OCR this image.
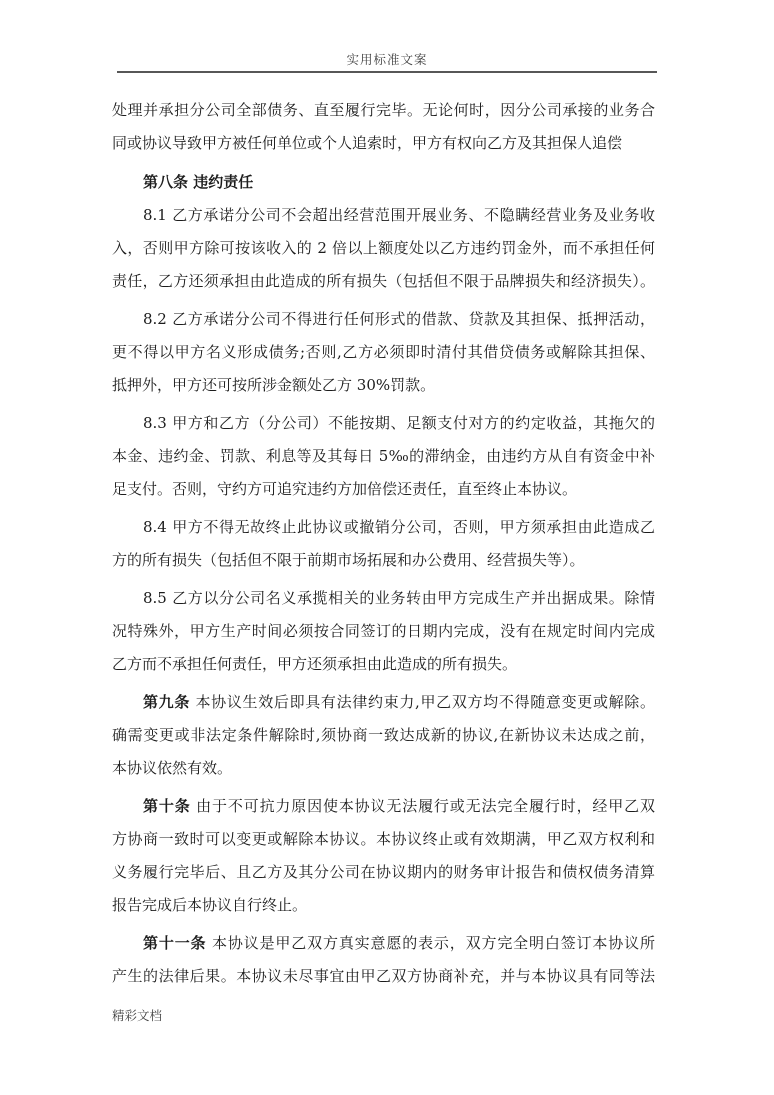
实用标准文案
处理并承担分公司全部债务、直至履行完毕。无论何时，因分公司承接的业务合
同或协议导致甲方被任何单位或个人追索时，甲方有权向乙方及其担保人追偿
第八条 违约责任
8.1 乙方承诺分公司不会超出经营范围开展业务、不隐瞒经营业务及业务收
入，否则甲方除可按该收入的 2 倍以上额度处以乙方违约罚金外，而不承担任何
责任，乙方还须承担由此造成的所有损失（包括但不限于品牌损失和经济损失）。
8.2 乙方承诺分公司不得进行任何形式的借款、贷款及其担保、抵押活动，
更不得以甲方名义形成债务;否则,乙方必须即时清付其借贷债务或解除其担保、
抵押外，甲方还可按所涉金额处乙方 30%罚款。
8.3 甲方和乙方（分公司）不能按期、足额支付对方的约定收益，其拖欠的
本金、违约金、罚款、利息等及其每日 5‰的滞纳金，由违约方从自有资金中补
足支付。否则，守约方可追究违约方加倍偿还责任，直至终止本协议。
8.4 甲方不得无故终止此协议或撤销分公司，否则，甲方须承担由此造成乙
方的所有损失（包括但不限于前期市场拓展和办公费用、经营损失等）。
8.5 乙方以分公司名义承揽相关的业务转由甲方完成生产并出据成果。除情
况特殊外，甲方生产时间必须按合同签订的日期内完成，没有在规定时间内完成
乙方而不承担任何责任，甲方还须承担由此造成的所有损失。
第九条 本协议生效后即具有法律约束力,甲乙双方均不得随意变更或解除。
确需变更或非法定条件解除时,须协商一致达成新的协议,在新协议未达成之前，
本协议依然有效。
第十条 由于不可抗力原因使本协议无法履行或无法完全履行时，经甲乙双
方协商一致时可以变更或解除本协议。本协议终止或有效期满，甲乙双方权利和
义务履行完毕后、且乙方及其分公司在协议期内的财务审计报告和债权债务清算
报告完成后本协议自行终止。
第十一条 本协议是甲乙双方真实意愿的表示，双方完全明白签订本协议所
产生的法律后果。本协议未尽事宜由甲乙双方协商补充，并与本协议具有同等法
精彩文档
